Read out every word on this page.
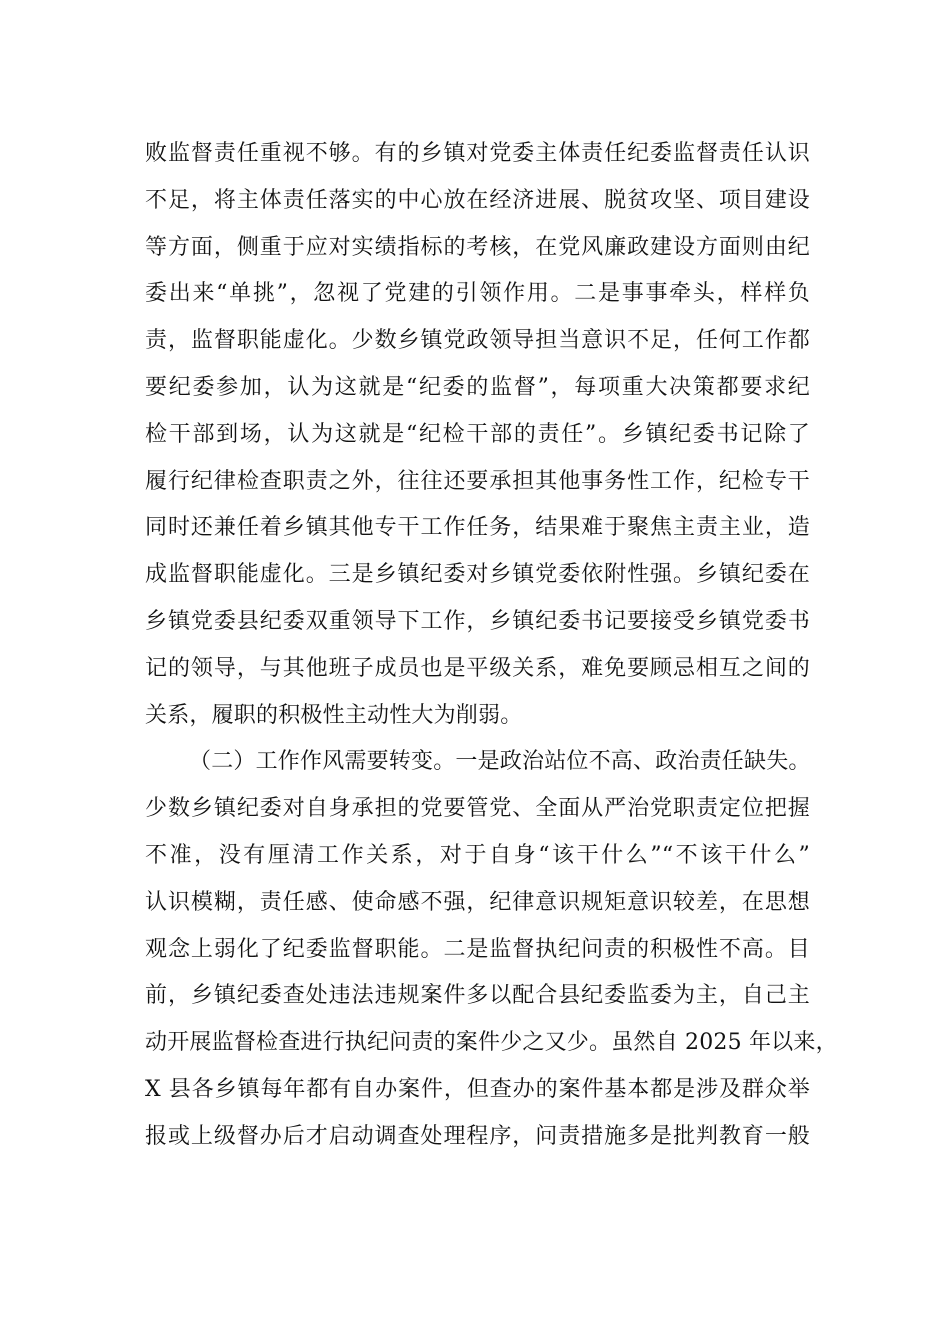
败监督责任重视不够。有的乡镇对党委主体责任纪委监督责任认识
不足，将主体责任落实的中心放在经济进展、脱贫攻坚、项目建设
等方面，侧重于应对实绩指标的考核，在党风廉政建设方面则由纪
委出来“单挑”，忽视了党建的引领作用。二是事事牵头，样样负
责，监督职能虚化。少数乡镇党政领导担当意识不足，任何工作都
要纪委参加，认为这就是“纪委的监督”，每项重大决策都要求纪
检干部到场，认为这就是“纪检干部的责任”。乡镇纪委书记除了
履行纪律检查职责之外，往往还要承担其他事务性工作，纪检专干
同时还兼任着乡镇其他专干工作任务，结果难于聚焦主责主业，造
成监督职能虚化。三是乡镇纪委对乡镇党委依附性强。乡镇纪委在
乡镇党委县纪委双重领导下工作，乡镇纪委书记要接受乡镇党委书
记的领导，与其他班子成员也是平级关系，难免要顾忌相互之间的
关系，履职的积极性主动性大为削弱。
（二）工作作风需要转变。一是政治站位不高、政治责任缺失。
少数乡镇纪委对自身承担的党要管党、全面从严治党职责定位把握
不准，没有厘清工作关系，对于自身“该干什么”“不该干什么”
认识模糊，责任感、使命感不强，纪律意识规矩意识较差，在思想
观念上弱化了纪委监督职能。二是监督执纪问责的积极性不高。目
前，乡镇纪委查处违法违规案件多以配合县纪委监委为主，自己主
动开展监督检查进行执纪问责的案件少之又少。虽然自 2025 年以来，
X 县各乡镇每年都有自办案件，但查办的案件基本都是涉及群众举
报或上级督办后才启动调查处理程序，问责措施多是批判教育一般
